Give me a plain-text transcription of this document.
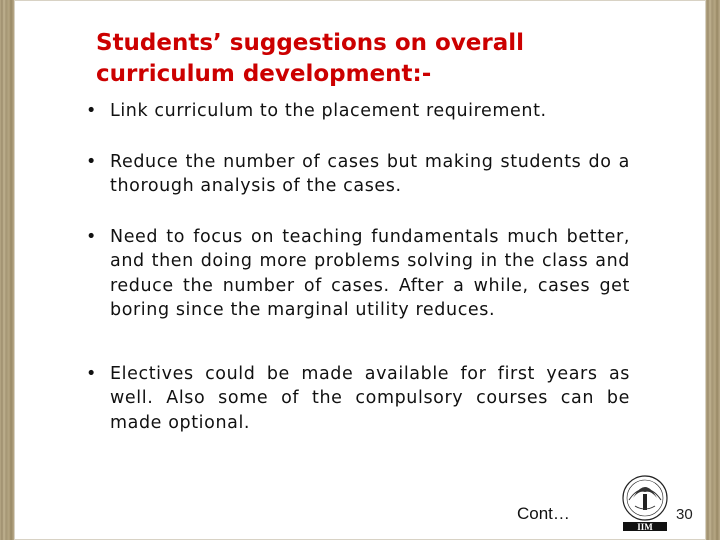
Students’ suggestions on overall
curriculum development:-
• Link curriculum to the placement requirement.
• Reduce the number of cases but making students do a thorough analysis of the cases.
• Need to focus on teaching fundamentals much better, and then doing more problems solving in the class and reduce the number of cases. After a while, cases get boring since the marginal utility reduces.
• Electives could be made available for first years as well. Also some of the compulsory courses can be made optional.
Cont…
IIM
30
